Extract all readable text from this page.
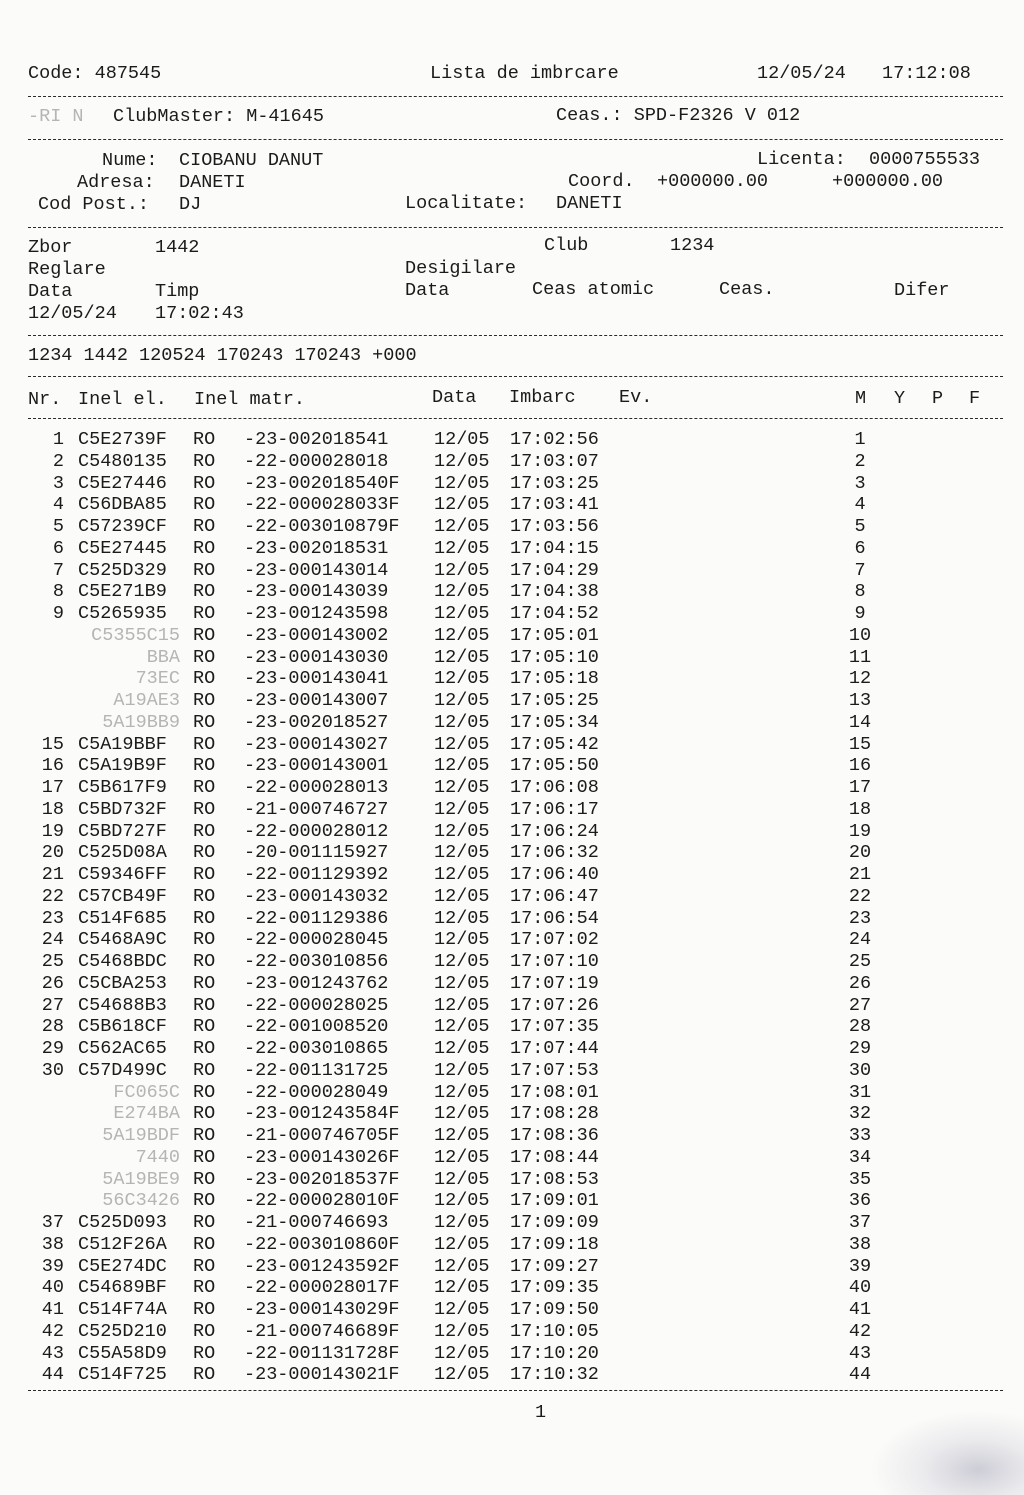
Code: 487545	Lista de imbrcare	12/05/24 17:12:08
-RI N ClubMaster: M-41645	Ceas.: SPD-F2326 V 012
Nume: CIOBANU DANUT	Licenta: 0000755533
Adresa: DANETI	Coord. +000000.00	+000000.00
Cod Post.: DJ	Localitate: DANETI
Zbor	1442	Club	1234
Reglare	Desigilare
Data	Timp	Data	Ceas atomic	Ceas.	Difer
12/05/24 17:02:43
1234 1442 120524 170243 170243 +000
Nr. Inel el. Inel matr.	Data Imbarc Ev.	M Y P F
1 C5E2739F RO -23-002018541 12/05 17:02:56	1
2 C5480135 RO -22-000028018 12/05 17:03:07	2
3 C5E27446 RO -23-002018540F 12/05 17:03:25	3
4 C56DBA85 RO -22-000028033F 12/05 17:03:41	4
5 C57239CF RO -22-003010879F 12/05 17:03:56	5
6 C5E27445 RO -23-002018531 12/05 17:04:15	6
7 C525D329 RO -23-000143014 12/05 17:04:29	7
8 C5E271B9 RO -23-000143039 12/05 17:04:38	8
9 C5265935 RO -23-001243598 12/05 17:04:52	9
C5355C15 RO -23-000143002 12/05 17:05:01	10
BBA RO -23-000143030 12/05 17:05:10	11
73EC RO -23-000143041 12/05 17:05:18	12
A19AE3 RO -23-000143007 12/05 17:05:25	13
5A19BB9 RO -23-002018527 12/05 17:05:34	14
15 C5A19BBF RO -23-000143027 12/05 17:05:42	15
16 C5A19B9F RO -23-000143001 12/05 17:05:50	16
17 C5B617F9 RO -22-000028013 12/05 17:06:08	17
18 C5BD732F RO -21-000746727 12/05 17:06:17	18
19 C5BD727F RO -22-000028012 12/05 17:06:24	19
20 C525D08A RO -20-001115927 12/05 17:06:32	20
21 C59346FF RO -22-001129392 12/05 17:06:40	21
22 C57CB49F RO -23-000143032 12/05 17:06:47	22
23 C514F685 RO -22-001129386 12/05 17:06:54	23
24 C5468A9C RO -22-000028045 12/05 17:07:02	24
25 C5468BDC RO -22-003010856 12/05 17:07:10	25
26 C5CBA253 RO -23-001243762 12/05 17:07:19	26
27 C54688B3 RO -22-000028025 12/05 17:07:26	27
28 C5B618CF RO -22-001008520 12/05 17:07:35	28
29 C562AC65 RO -22-003010865 12/05 17:07:44	29
30 C57D499C RO -22-001131725 12/05 17:07:53	30
FC065C RO -22-000028049 12/05 17:08:01	31
E274BA RO -23-001243584F 12/05 17:08:28	32
5A19BDF RO -21-000746705F 12/05 17:08:36	33
7440 RO -23-000143026F 12/05 17:08:44	34
5A19BE9 RO -23-002018537F 12/05 17:08:53	35
56C3426 RO -22-000028010F 12/05 17:09:01	36
37 C525D093 RO -21-000746693 12/05 17:09:09	37
38 C512F26A RO -22-003010860F 12/05 17:09:18	38
39 C5E274DC RO -23-001243592F 12/05 17:09:27	39
40 C54689BF RO -22-000028017F 12/05 17:09:35	40
41 C514F74A RO -23-000143029F 12/05 17:09:50	41
42 C525D210 RO -21-000746689F 12/05 17:10:05	42
43 C55A58D9 RO -22-001131728F 12/05 17:10:20	43
44 C514F725 RO -23-000143021F 12/05 17:10:32	44
1
